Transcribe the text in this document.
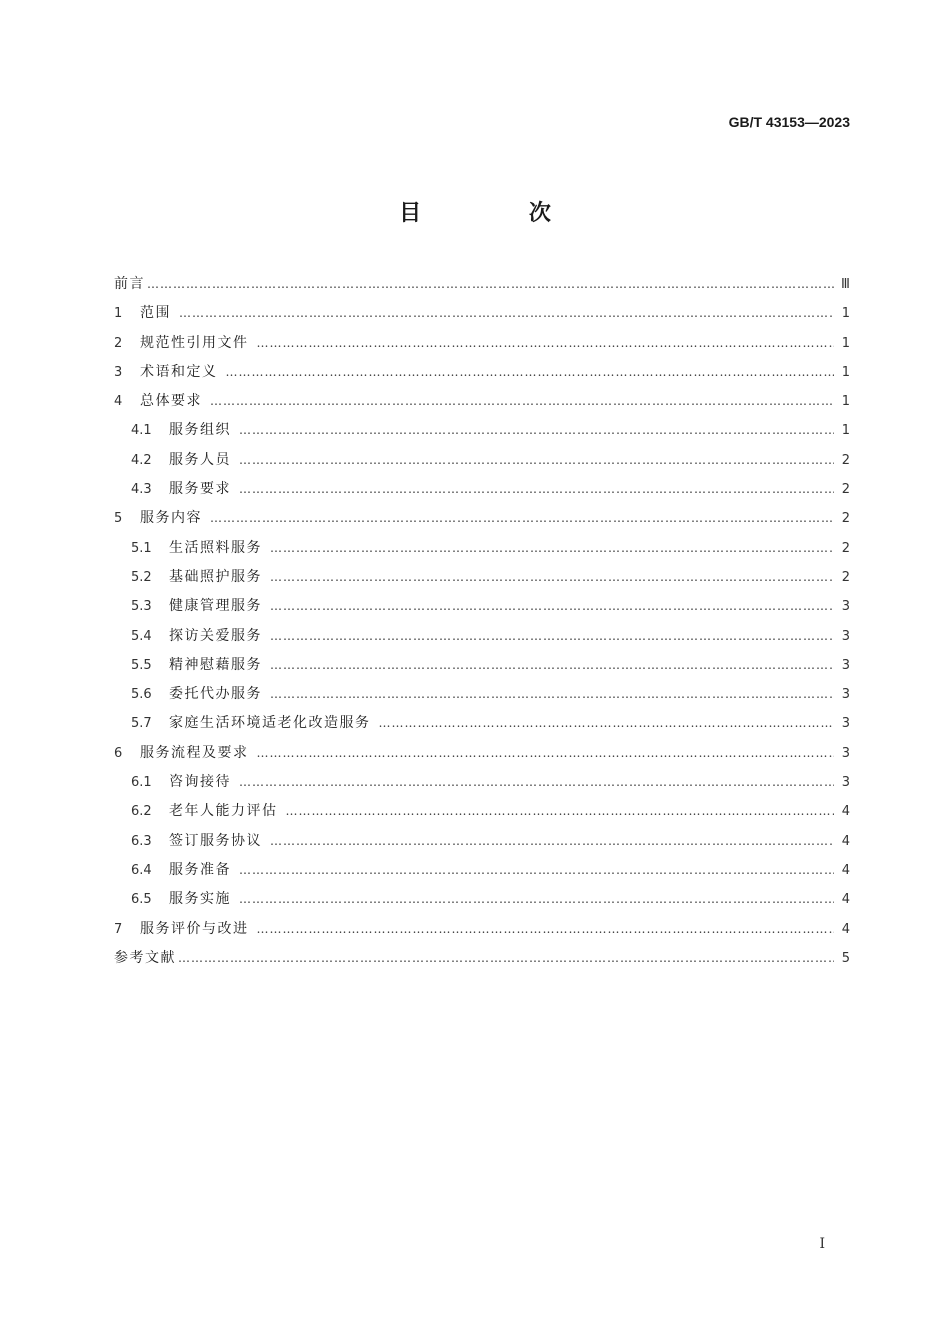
GB/T 43153—2023
目 次
前言 …………………………………………………………………………………………………………………………………………………………………………………………………………………………………………………………………	Ⅲ
1	范围 …………………………………………………………………………………………………………………………………………………………………………………………………………………………………………………………………	1
2	规范性引用文件 …………………………………………………………………………………………………………………………………………………………………………………………………………………………………………………………………	1
3	术语和定义 …………………………………………………………………………………………………………………………………………………………………………………………………………………………………………………………………	1
4	总体要求 …………………………………………………………………………………………………………………………………………………………………………………………………………………………………………………………………	1
4.1	服务组织 …………………………………………………………………………………………………………………………………………………………………………………………………………………………………………………………………	1
4.2	服务人员 …………………………………………………………………………………………………………………………………………………………………………………………………………………………………………………………………	2
4.3	服务要求 …………………………………………………………………………………………………………………………………………………………………………………………………………………………………………………………………	2
5	服务内容 …………………………………………………………………………………………………………………………………………………………………………………………………………………………………………………………………	2
5.1	生活照料服务 …………………………………………………………………………………………………………………………………………………………………………………………………………………………………………………………………	2
5.2	基础照护服务 …………………………………………………………………………………………………………………………………………………………………………………………………………………………………………………………………	2
5.3	健康管理服务 …………………………………………………………………………………………………………………………………………………………………………………………………………………………………………………………………	3
5.4	探访关爱服务 …………………………………………………………………………………………………………………………………………………………………………………………………………………………………………………………………	3
5.5	精神慰藉服务 …………………………………………………………………………………………………………………………………………………………………………………………………………………………………………………………………	3
5.6	委托代办服务 …………………………………………………………………………………………………………………………………………………………………………………………………………………………………………………………………	3
5.7	家庭生活环境适老化改造服务 …………………………………………………………………………………………………………………………………………………………………………………………………………………………………………………………………	3
6	服务流程及要求 …………………………………………………………………………………………………………………………………………………………………………………………………………………………………………………………………	3
6.1	咨询接待 …………………………………………………………………………………………………………………………………………………………………………………………………………………………………………………………………	3
6.2	老年人能力评估 …………………………………………………………………………………………………………………………………………………………………………………………………………………………………………………………………	4
6.3	签订服务协议 …………………………………………………………………………………………………………………………………………………………………………………………………………………………………………………………………	4
6.4	服务准备 …………………………………………………………………………………………………………………………………………………………………………………………………………………………………………………………………	4
6.5	服务实施 …………………………………………………………………………………………………………………………………………………………………………………………………………………………………………………………………	4
7	服务评价与改进 …………………………………………………………………………………………………………………………………………………………………………………………………………………………………………………………………	4
参考文献 …………………………………………………………………………………………………………………………………………………………………………………………………………………………………………………………………	5
Ⅰ
